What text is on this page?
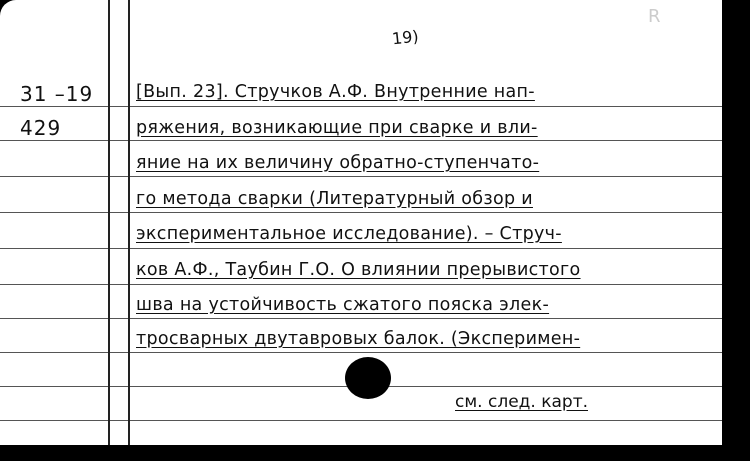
19)
R
31 –19
429
[Вып. 23]. Стручков А.Ф. Внутренние нап-
ряжения, возникающие при сварке и вли-
яние на их величину обратно-ступенчато-
го метода сварки (Литературный обзор и
экспериментальное исследование). – Струч-
ков А.Ф., Таубин Г.О. О влиянии прерывистого
шва на устойчивость сжатого пояска элек-
тросварных двутавровых балок. (Эксперимен-
см. след. карт.
